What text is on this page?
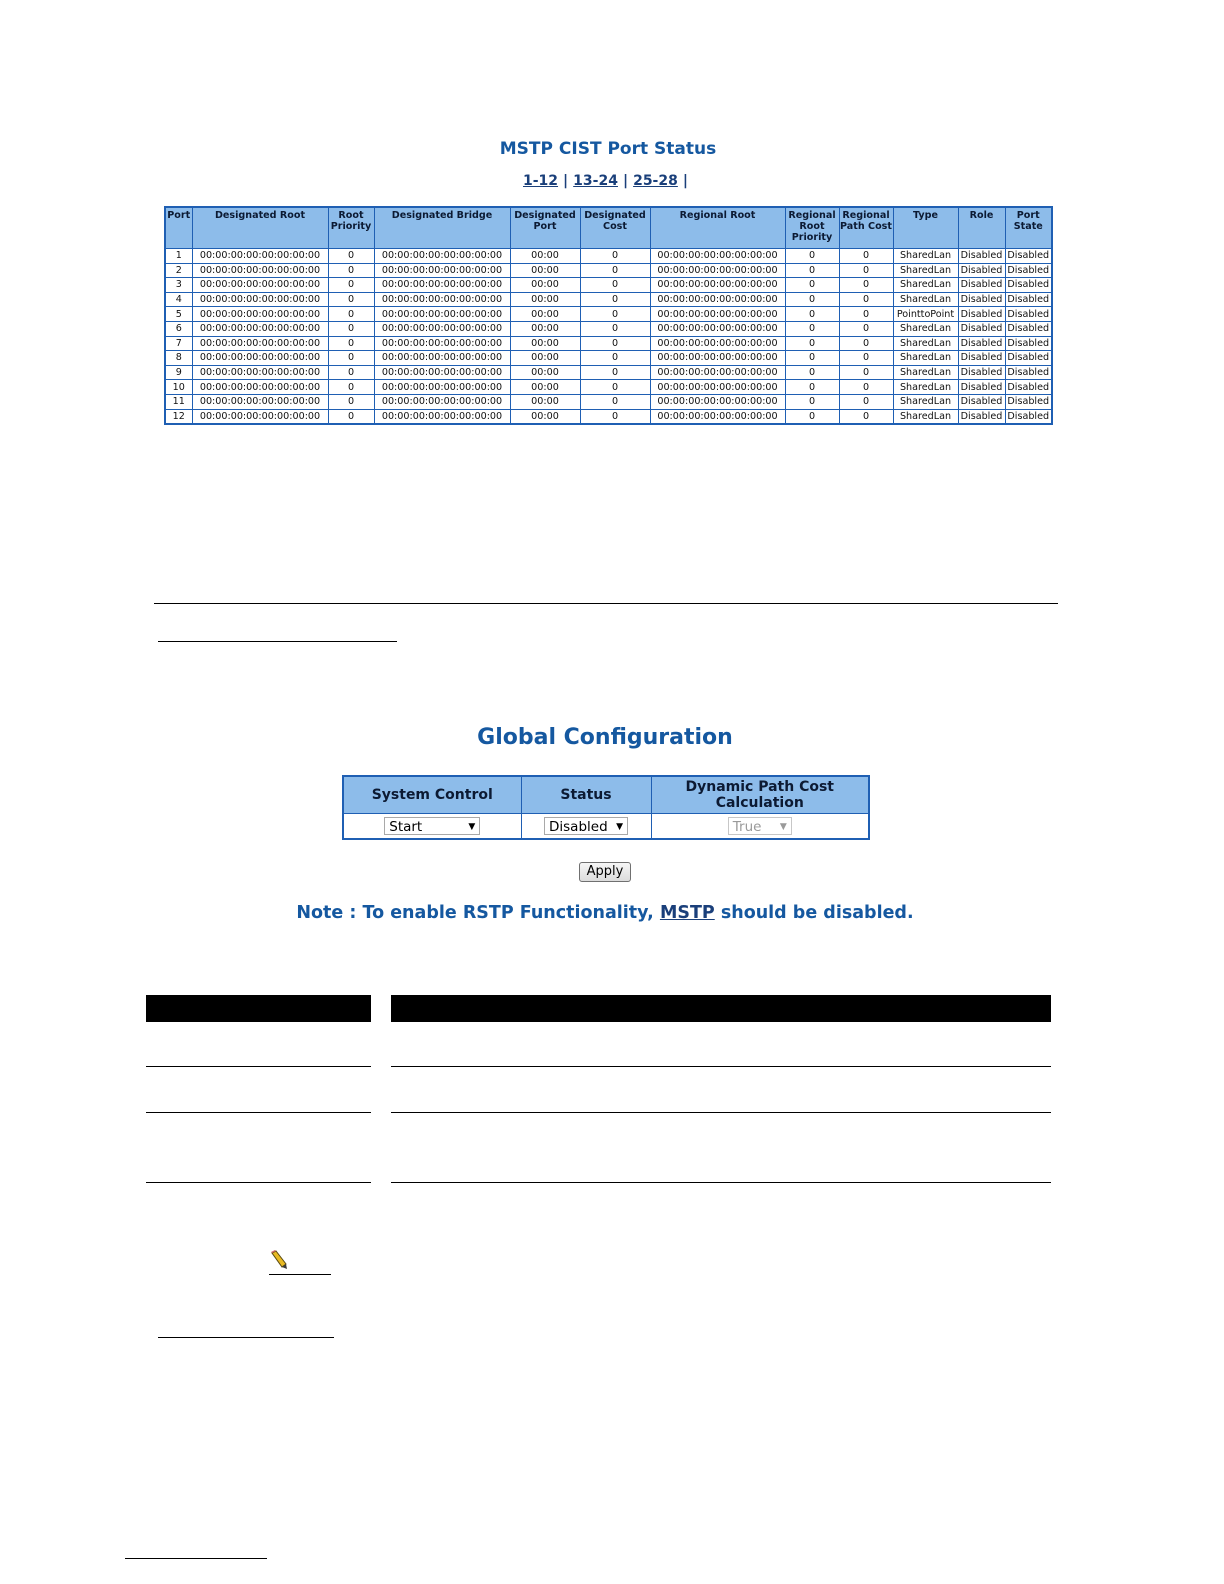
MSTP CIST Port Status
1-12 | 13-24 | 25-28 |
Port	Designated Root	Root Priority	Designated Bridge	Designated Port	Designated Cost	Regional Root	Regional Root Priority	Regional Path Cost	Type	Role	Port State
1	00:00:00:00:00:00:00:00	0	00:00:00:00:00:00:00:00	00:00	0	00:00:00:00:00:00:00:00	0	0	SharedLan	Disabled	Disabled
2	00:00:00:00:00:00:00:00	0	00:00:00:00:00:00:00:00	00:00	0	00:00:00:00:00:00:00:00	0	0	SharedLan	Disabled	Disabled
3	00:00:00:00:00:00:00:00	0	00:00:00:00:00:00:00:00	00:00	0	00:00:00:00:00:00:00:00	0	0	SharedLan	Disabled	Disabled
4	00:00:00:00:00:00:00:00	0	00:00:00:00:00:00:00:00	00:00	0	00:00:00:00:00:00:00:00	0	0	SharedLan	Disabled	Disabled
5	00:00:00:00:00:00:00:00	0	00:00:00:00:00:00:00:00	00:00	0	00:00:00:00:00:00:00:00	0	0	PointtoPoint	Disabled	Disabled
6	00:00:00:00:00:00:00:00	0	00:00:00:00:00:00:00:00	00:00	0	00:00:00:00:00:00:00:00	0	0	SharedLan	Disabled	Disabled
7	00:00:00:00:00:00:00:00	0	00:00:00:00:00:00:00:00	00:00	0	00:00:00:00:00:00:00:00	0	0	SharedLan	Disabled	Disabled
8	00:00:00:00:00:00:00:00	0	00:00:00:00:00:00:00:00	00:00	0	00:00:00:00:00:00:00:00	0	0	SharedLan	Disabled	Disabled
9	00:00:00:00:00:00:00:00	0	00:00:00:00:00:00:00:00	00:00	0	00:00:00:00:00:00:00:00	0	0	SharedLan	Disabled	Disabled
10	00:00:00:00:00:00:00:00	0	00:00:00:00:00:00:00:00	00:00	0	00:00:00:00:00:00:00:00	0	0	SharedLan	Disabled	Disabled
11	00:00:00:00:00:00:00:00	0	00:00:00:00:00:00:00:00	00:00	0	00:00:00:00:00:00:00:00	0	0	SharedLan	Disabled	Disabled
12	00:00:00:00:00:00:00:00	0	00:00:00:00:00:00:00:00	00:00	0	00:00:00:00:00:00:00:00	0	0	SharedLan	Disabled	Disabled
Global Configuration
System Control	Status	Dynamic Path Cost Calculation
Start ▼	Disabled ▼	True ▼
Apply
Note : To enable RSTP Functionality, MSTP should be disabled.
